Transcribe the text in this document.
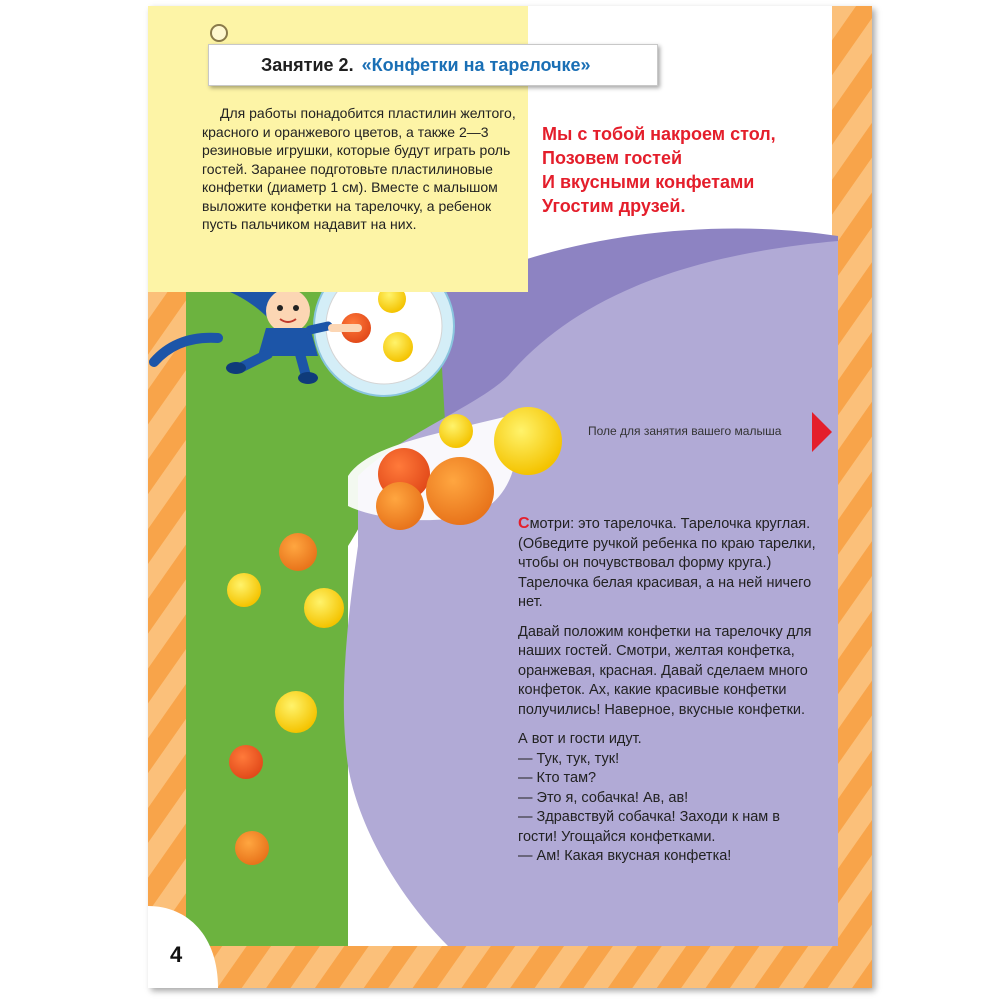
Занятие 2. «Конфетки на тарелочке»

Для работы понадобится пластилин желтого, красного и оранжевого цветов, а также 2—3 резиновые игрушки, которые будут играть роль гостей. Заранее подготовьте пластилиновые конфетки (диаметр 1 см). Вместе с малышом выложите конфетки на тарелочку, а ребенок пусть пальчиком надавит на них.

Мы с тобой накроем стол,
Позовем гостей
И вкусными конфетами
Угостим друзей.
Поле для занятия вашего малыша

Смотри: это тарелочка. Тарелочка круглая. (Обведите ручкой ребенка по краю тарелки, чтобы он почувствовал форму круга.) Тарелочка белая красивая, а на ней ничего нет.

Давай положим конфетки на тарелочку для наших гостей. Смотри, желтая конфетка, оранжевая, красная. Давай сделаем много конфеток. Ах, какие красивые конфетки получились! Наверное, вкусные конфетки.

А вот и гости идут.
— Тук, тук, тук!
— Кто там?
— Это я, собачка! Ав, ав!
— Здравствуй собачка! Заходи к нам в гости! Угощайся конфетками.
— Ам! Какая вкусная конфетка!
4
